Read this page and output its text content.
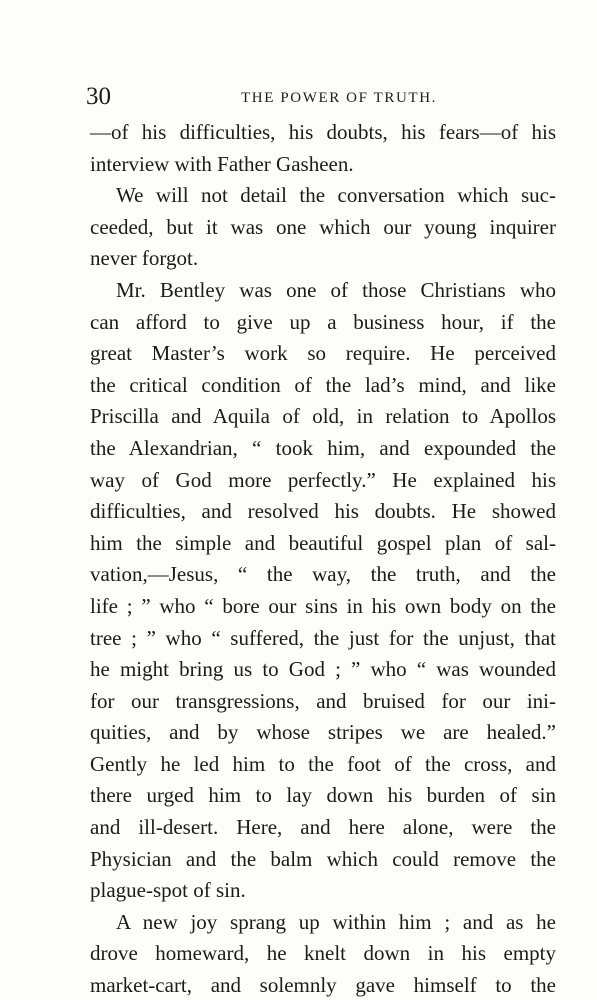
30	THE POWER OF TRUTH.

—of his difficulties, his doubts, his fears—of his
interview with Father Gasheen.

We will not detail the conversation which suc-
ceeded, but it was one which our young inquirer
never forgot.

Mr. Bentley was one of those Christians who
can afford to give up a business hour, if the
great Master’s work so require. He perceived
the critical condition of the lad’s mind, and like
Priscilla and Aquila of old, in relation to Apollos
the Alexandrian, “ took him, and expounded the
way of God more perfectly.” He explained his
difficulties, and resolved his doubts. He showed
him the simple and beautiful gospel plan of sal-
vation,—Jesus, “ the way, the truth, and the
life ; ” who “ bore our sins in his own body on the
tree ; ” who “ suffered, the just for the unjust, that
he might bring us to God ; ” who “ was wounded
for our transgressions, and bruised for our ini-
quities, and by whose stripes we are healed.”
Gently he led him to the foot of the cross, and
there urged him to lay down his burden of sin
and ill-desert. Here, and here alone, were the
Physician and the balm which could remove the
plague-spot of sin.

A new joy sprang up within him ; and as he
drove homeward, he knelt down in his empty
market-cart, and solemnly gave himself to the
